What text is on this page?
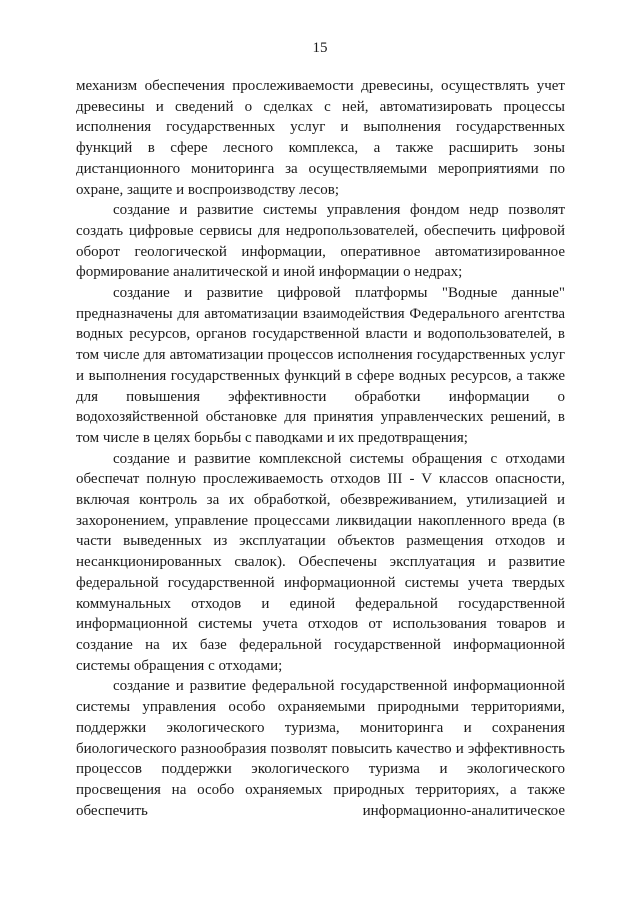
15

механизм обеспечения прослеживаемости древесины, осуществлять учет древесины и сведений о сделках с ней, автоматизировать процессы исполнения государственных услуг и выполнения государственных функций в сфере лесного комплекса, а также расширить зоны дистанционного мониторинга за осуществляемыми мероприятиями по охране, защите и воспроизводству лесов;

создание и развитие системы управления фондом недр позволят создать цифровые сервисы для недропользователей, обеспечить цифровой оборот геологической информации, оперативное автоматизированное формирование аналитической и иной информации о недрах;

создание и развитие цифровой платформы "Водные данные" предназначены для автоматизации взаимодействия Федерального агентства водных ресурсов, органов государственной власти и водопользователей, в том числе для автоматизации процессов исполнения государственных услуг и выполнения государственных функций в сфере водных ресурсов, а также для повышения эффективности обработки информации о водохозяйственной обстановке для принятия управленческих решений, в том числе в целях борьбы с паводками и их предотвращения;

создание и развитие комплексной системы обращения с отходами обеспечат полную прослеживаемость отходов III - V классов опасности, включая контроль за их обработкой, обезвреживанием, утилизацией и захоронением, управление процессами ликвидации накопленного вреда (в части выведенных из эксплуатации объектов размещения отходов и несанкционированных свалок). Обеспечены эксплуатация и развитие федеральной государственной информационной системы учета твердых коммунальных отходов и единой федеральной государственной информационной системы учета отходов от использования товаров и создание на их базе федеральной государственной информационной системы обращения с отходами;

создание и развитие федеральной государственной информационной системы управления особо охраняемыми природными территориями, поддержки экологического туризма, мониторинга и сохранения биологического разнообразия позволят повысить качество и эффективность процессов поддержки экологического туризма и экологического просвещения на особо охраняемых природных территориях, а также обеспечить информационно-аналитическое
